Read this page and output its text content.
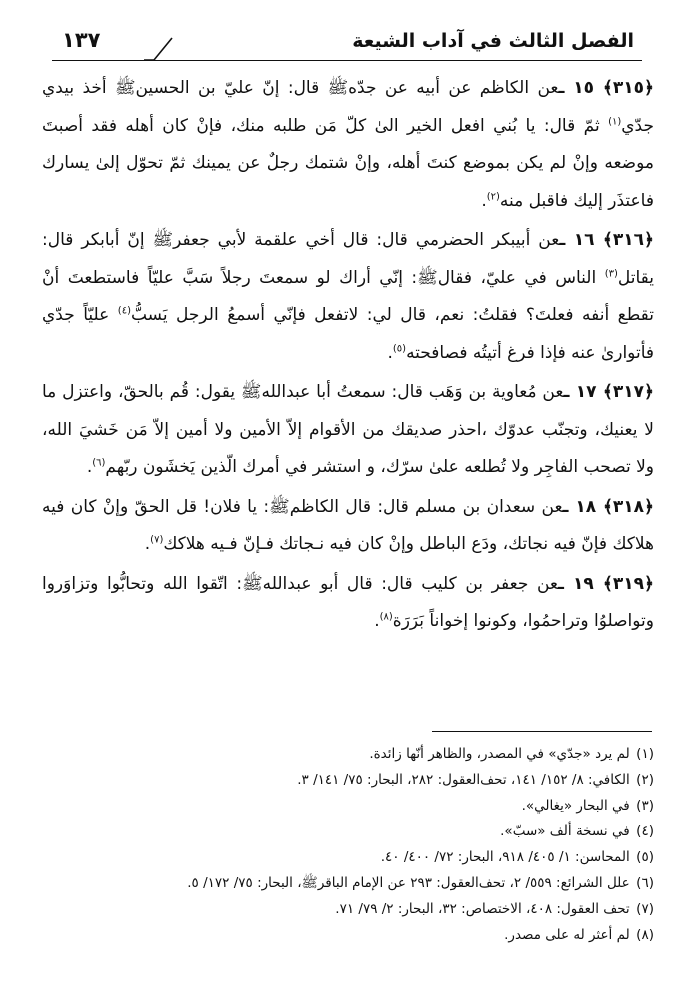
الفصل الثالث في آداب الشيعة
١٣٧

﴿٣١٥﴾ ١٥ ـعن الكاظم عن أبيه عن جدّهﷺ قال: إنّ عليّ بن الحسينﷺ أخذ بيدي جدّي$^{(١)}$ ثمّ قال: يا بُني افعل الخير الىٰ كلّ مَن طلبه منك، فإنْ كان أهله فقد أصبتَ موضعه وإنْ لم يكن بموضع كنتَ أهله، وإنْ شتمك رجلٌ عن يمينك ثمّ تحوّل إلىٰ يسارك فاعتذَر إليك فاقبل منه$^{(٢)}$.

﴿٣١٦﴾ ١٦ ـعن أبيبكر الحضرمي قال: قال أخي علقمة لأبي جعفرﷺ إنّ أبابكر قال: يقاتل$^{(٣)}$ الناس في عليّ، فقالﷺ: إنّي أراك لو سمعتَ رجلاً سَبَّ عليّاً فاستطعتَ أنْ تقطع أنفه فعلتَ؟ فقلتُ: نعم، قال لي: لاتفعل فإنّي أسمعُ الرجل يَسبُّ$^{(٤)}$ عليّاً جدّي فأتوارىٰ عنه فإذا فرغ أتيتُه فصافحته$^{(٥)}$.

﴿٣١٧﴾ ١٧ ـعن مُعاوية بن وَهَب قال: سمعتُ أبا عبداللهﷺ يقول: قُم بالحقّ، واعتزل ما لا يعنيك، وتجنّب عدوّك ،احذر صديقك من الأقوام إلاّ الأمين ولا أمين إلاّ مَن خَشيَ الله، ولا تصحب الفاجِر ولا تُطلعه علىٰ سرّك، و استشر في أمرك الّذين يَخشَون ربّهم$^{(٦)}$.

﴿٣١٨﴾ ١٨ ـعن سعدان بن مسلم قال: قال الكاظمﷺ: يا فلان! قل الحقّ وإنْ كان فيه هلاكك فإنّ فيه نجاتك، ودَع الباطل وإنْ كان فيه نـجاتك فـإنّ فـيه هلاكك$^{(٧)}$.

﴿٣١٩﴾ ١٩ ـعن جعفر بن كليب قال: قال أبو عبداللهﷺ: اتّقوا الله وتحابُّوا وتزاوَروا وتواصلوُا وتراحمُوا، وكونوا إخواناً بَرَرَة$^{(٨)}$.

(١) لم يرد «جدّي» في المصدر، والظاهر أنّها زائدة.
(٢) الكافي: ٨/ ١٥٢/ ١٤١، تحف‌العقول: ٢٨٢، البحار: ٧٥/ ١٤١/ ٣.
(٣) في البحار «يغالي».
(٤) في نسخة ألف «سبّ».
(٥) المحاسن: ١/ ٤٠٥/ ٩١٨، البحار: ٧٢/ ٤٠٠/ ٤٠.
(٦) علل الشرائع: ٥٥٩/ ٢، تحف‌العقول: ٢٩٣ عن الإمام الباقرﷺ، البحار: ٧٥/ ١٧٢/ ٥.
(٧) تحف العقول: ٤٠٨، الاختصاص: ٣٢، البحار: ٢/ ٧٩/ ٧١.
(٨) لم أعثر له على مصدر.
